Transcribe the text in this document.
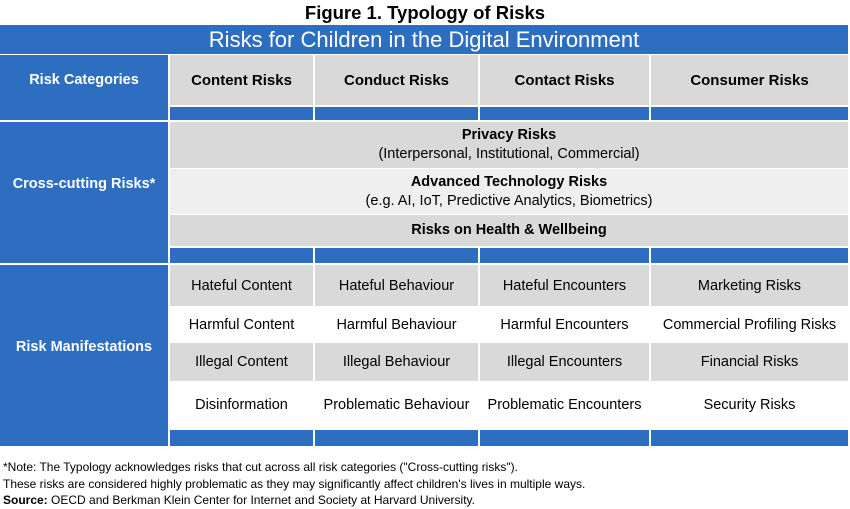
Figure 1. Typology of Risks
Risks for Children in the Digital Environment
Risk Categories	Content Risks	Conduct Risks	Contact Risks	Consumer Risks
Cross-cutting Risks*
Privacy Risks
(Interpersonal, Institutional, Commercial)
Advanced Technology Risks
(e.g. AI, IoT, Predictive Analytics, Biometrics)
Risks on Health & Wellbeing
Risk Manifestations
Hateful Content	Hateful Behaviour	Hateful Encounters	Marketing Risks
Harmful Content	Harmful Behaviour	Harmful Encounters	Commercial Profiling Risks
Illegal Content	Illegal Behaviour	Illegal Encounters	Financial Risks
Disinformation	Problematic Behaviour	Problematic Encounters	Security Risks
*Note: The Typology acknowledges risks that cut across all risk categories ("Cross-cutting risks").
These risks are considered highly problematic as they may significantly affect children's lives in multiple ways.
Source: OECD and Berkman Klein Center for Internet and Society at Harvard University.
